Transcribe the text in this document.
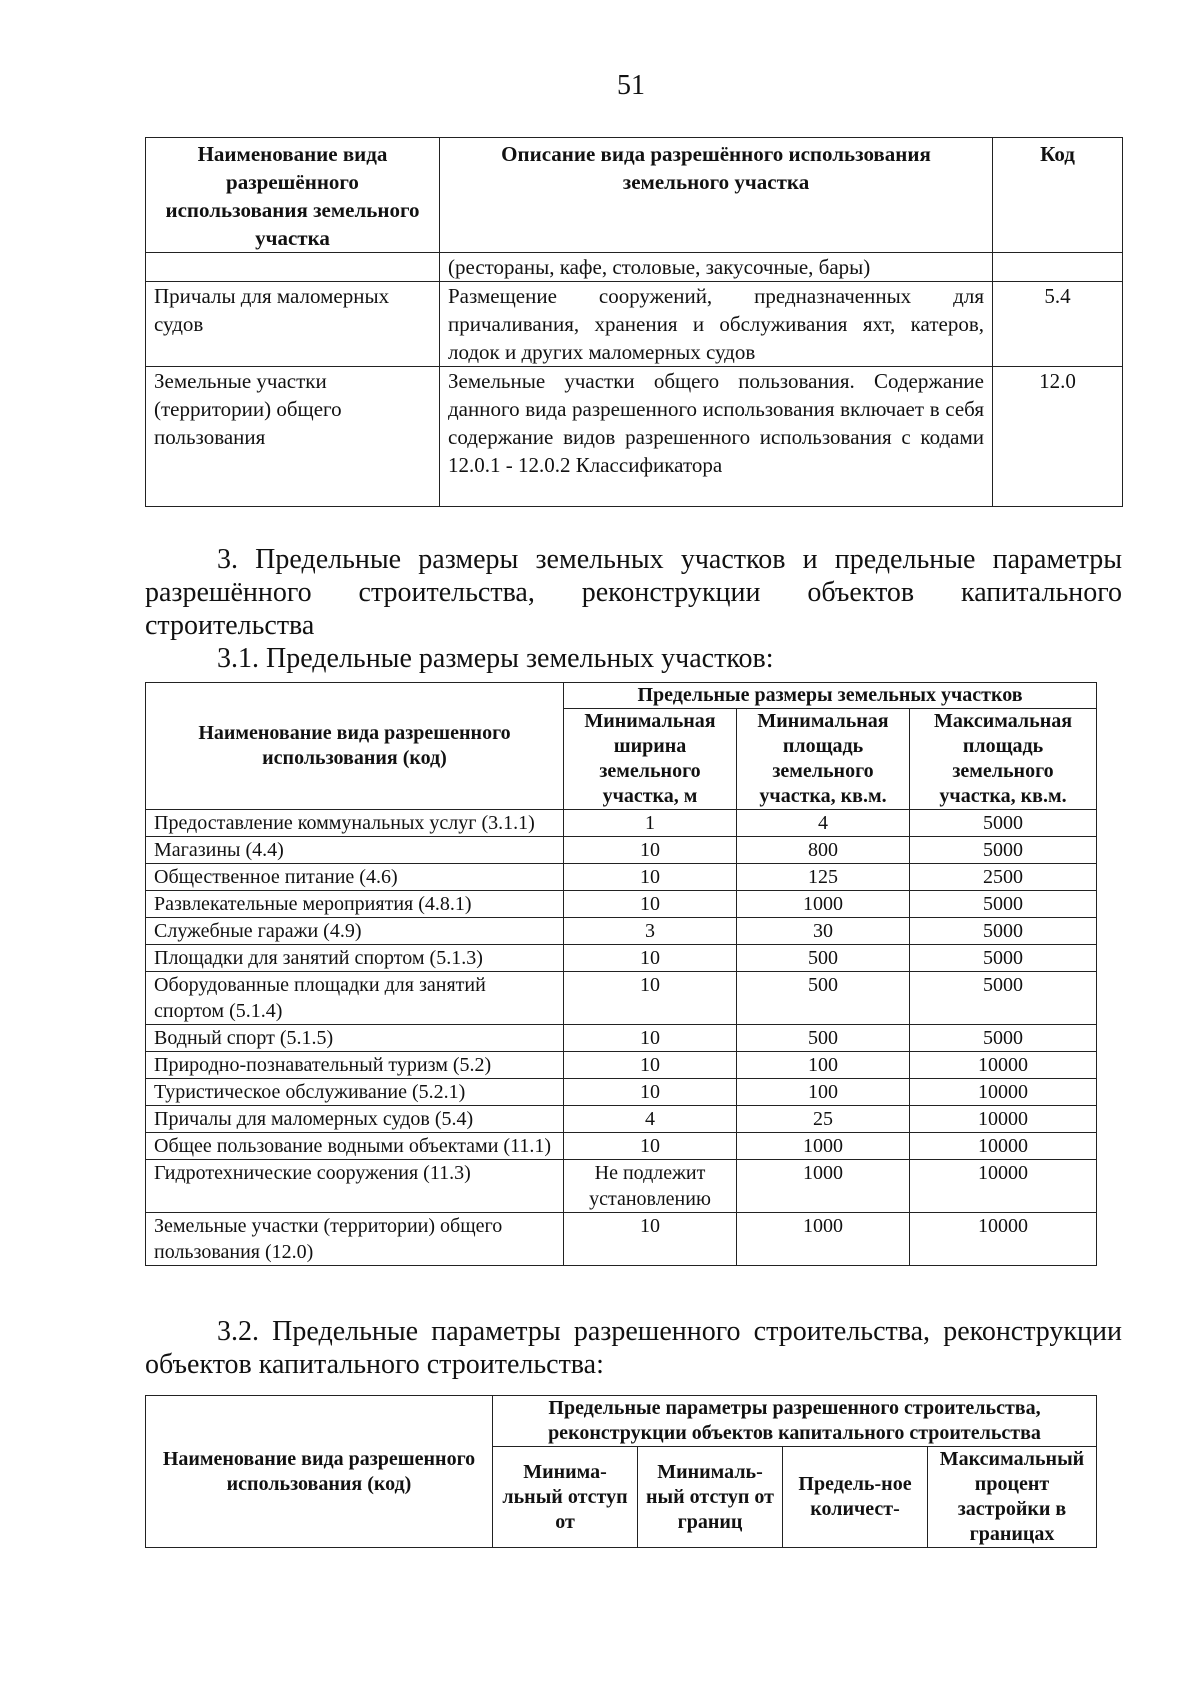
51
Наименование вида разрешённого использования земельного участка	Описание вида разрешённого использования земельного участка	Код
	(рестораны, кафе, столовые, закусочные, бары)	
Причалы для маломерных судов	Размещение сооружений, предназначенных для причаливания, хранения и обслуживания яхт, катеров, лодок и других маломерных судов	5.4
Земельные участки (территории) общего пользования	Земельные участки общего пользования. Содержание данного вида разрешенного использования включает в себя содержание видов разрешенного использования с кодами 12.0.1 - 12.0.2 Классификатора	12.0
3. Предельные размеры земельных участков и предельные параметры разрешённого строительства, реконструкции объектов капитального строительства
3.1. Предельные размеры земельных участков:
Наименование вида разрешенного использования (код)	Предельные размеры земельных участков		
	Минимальная ширина земельного участка, м	Минимальная площадь земельного участка, кв.м.	Максимальная площадь земельного участка, кв.м.
Предоставление коммунальных услуг (3.1.1)	1	4	5000
Магазины (4.4)	10	800	5000
Общественное питание (4.6)	10	125	2500
Развлекательные мероприятия (4.8.1)	10	1000	5000
Служебные гаражи (4.9)	3	30	5000
Площадки для занятий спортом (5.1.3)	10	500	5000
Оборудованные площадки для занятий спортом (5.1.4)	10	500	5000
Водный спорт (5.1.5)	10	500	5000
Природно-познавательный туризм (5.2)	10	100	10000
Туристическое обслуживание (5.2.1)	10	100	10000
Причалы для маломерных судов (5.4)	4	25	10000
Общее пользование водными объектами (11.1)	10	1000	10000
Гидротехнические сооружения (11.3)	Не подлежит установлению	1000	10000
Земельные участки (территории) общего пользования (12.0)	10	1000	10000
3.2. Предельные параметры разрешенного строительства, реконструкции объектов капитального строительства:
Наименование вида разрешенного использования (код)	Предельные параметры разрешенного строительства, реконструкции объектов капитального строительства			
	Минима-льный отступ от	Минималь-ный отступ от границ	Предель-ное количест-	Максимальный процент застройки в границах
